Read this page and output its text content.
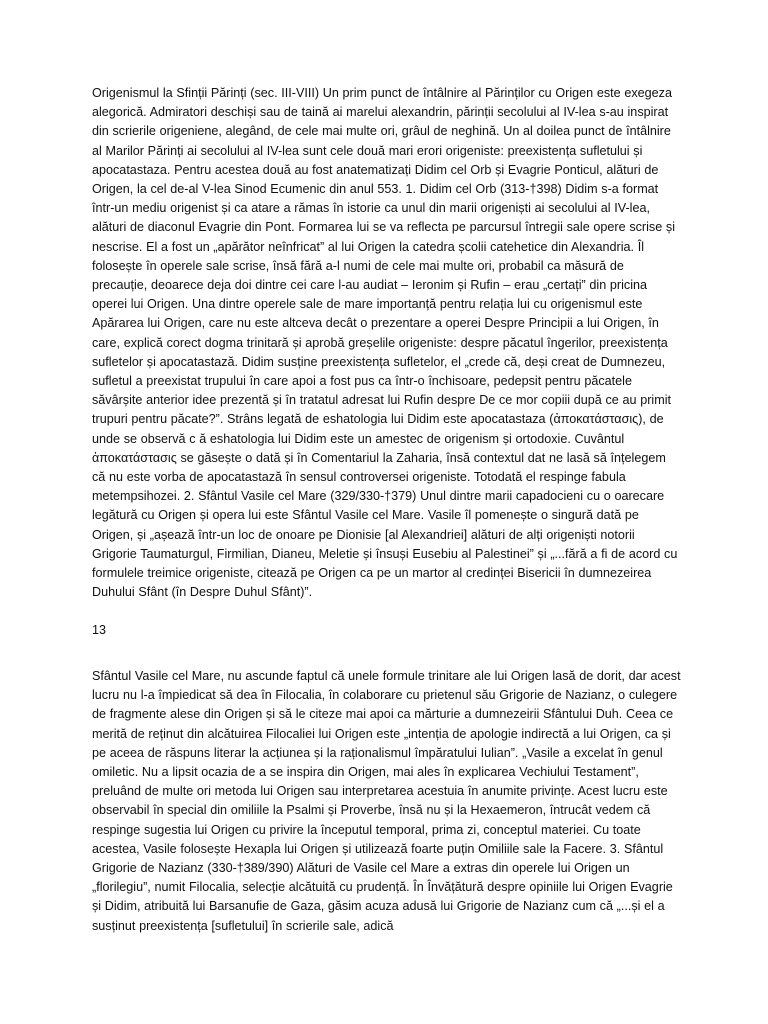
Origenismul la Sfinții Părinți (sec. III-VIII) Un prim punct de întâlnire al Părinților cu Origen este exegeza alegorică. Admiratori deschiși sau de taină ai marelui alexandrin, părinții secolului al IV-lea s-au inspirat din scrierile origeniene, alegând, de cele mai multe ori, grâul de neghină. Un al doilea punct de întâlnire al Marilor Părinți ai secolului al IV-lea sunt cele două mari erori origeniste: preexistența sufletului și apocatastaza. Pentru acestea două au fost anatematizați Didim cel Orb și Evagrie Ponticul, alături de Origen, la cel de-al V-lea Sinod Ecumenic din anul 553. 1. Didim cel Orb (313-†398) Didim s-a format într-un mediu origenist și ca atare a rămas în istorie ca unul din marii origeniști ai secolului al IV-lea, alături de diaconul Evagrie din Pont. Formarea lui se va reflecta pe parcursul întregii sale opere scrise și nescrise. El a fost un „apărător neînfricat” al lui Origen la catedra școlii catehetice din Alexandria. Îl folosește în operele sale scrise, însă fără a-l numi de cele mai multe ori, probabil ca măsură de precauție, deoarece deja doi dintre cei care l-au audiat – Ieronim și Rufin – erau „certați” din pricina operei lui Origen. Una dintre operele sale de mare importanță pentru relația lui cu origenismul este Apărarea lui Origen, care nu este altceva decât o prezentare a operei Despre Principii a lui Origen, în care, explică corect dogma trinitară și aprobă greșelile origeniste: despre păcatul îngerilor, preexistența sufletelor și apocatastază. Didim susține preexistența sufletelor, el „crede că, deși creat de Dumnezeu, sufletul a preexistat trupului în care apoi a fost pus ca într-o închisoare, pedepsit pentru păcatele săvârșite anterior idee prezentă și în tratatul adresat lui Rufin despre De ce mor copiii după ce au primit trupuri pentru păcate?”. Strâns legată de eshatologia lui Didim este apocatastaza (ἀποκατάστασις), de unde se observă c ă eshatologia lui Didim este un amestec de origenism și ortodoxie. Cuvântul ἀποκατάστασις se găsește o dată și în Comentariul la Zaharia, însă contextul dat ne lasă să înțelegem că nu este vorba de apocatastază în sensul controversei origeniste. Totodată el respinge fabula metempsihozei. 2. Sfântul Vasile cel Mare (329/330-†379) Unul dintre marii capadocieni cu o oarecare legătură cu Origen și opera lui este Sfântul Vasile cel Mare. Vasile îl pomenește o singură dată pe Origen, și „așează într-un loc de onoare pe Dionisie [al Alexandriei] alături de alți origeniști notorii Grigorie Taumaturgul, Firmilian, Dianeu, Meletie și însuși Eusebiu al Palestinei” și „...fără a fi de acord cu formulele treimice origeniste, citează pe Origen ca pe un martor al credinței Bisericii în dumnezeirea Duhului Sfânt (în Despre Duhul Sfânt)”.

13

Sfântul Vasile cel Mare, nu ascunde faptul că unele formule trinitare ale lui Origen lasă de dorit, dar acest lucru nu l-a împiedicat să dea în Filocalia, în colaborare cu prietenul său Grigorie de Nazianz, o culegere de fragmente alese din Origen și să le citeze mai apoi ca mărturie a dumnezeirii Sfântului Duh. Ceea ce merită de reținut din alcătuirea Filocaliei lui Origen este „intenția de apologie indirectă a lui Origen, ca și pe aceea de răspuns literar la acțiunea și la raționalismul împăratului Iulian”. „Vasile a excelat în genul omiletic. Nu a lipsit ocazia de a se inspira din Origen, mai ales în explicarea Vechiului Testament”, preluând de multe ori metoda lui Origen sau interpretarea acestuia în anumite privințe. Acest lucru este observabil în special din omiliile la Psalmi și Proverbe, însă nu și la Hexaemeron, întrucât vedem că respinge sugestia lui Origen cu privire la începutul temporal, prima zi, conceptul materiei. Cu toate acestea, Vasile folosește Hexapla lui Origen și utilizează foarte puțin Omiliile sale la Facere. 3. Sfântul Grigorie de Nazianz (330-†389/390) Alături de Vasile cel Mare a extras din operele lui Origen un „florilegiu”, numit Filocalia, selecție alcătuită cu prudență. În Învățătură despre opiniile lui Origen Evagrie și Didim, atribuită lui Barsanufie de Gaza, găsim acuza adusă lui Grigorie de Nazianz cum că „...și el a susținut preexistența [sufletului] în scrierile sale, adică
